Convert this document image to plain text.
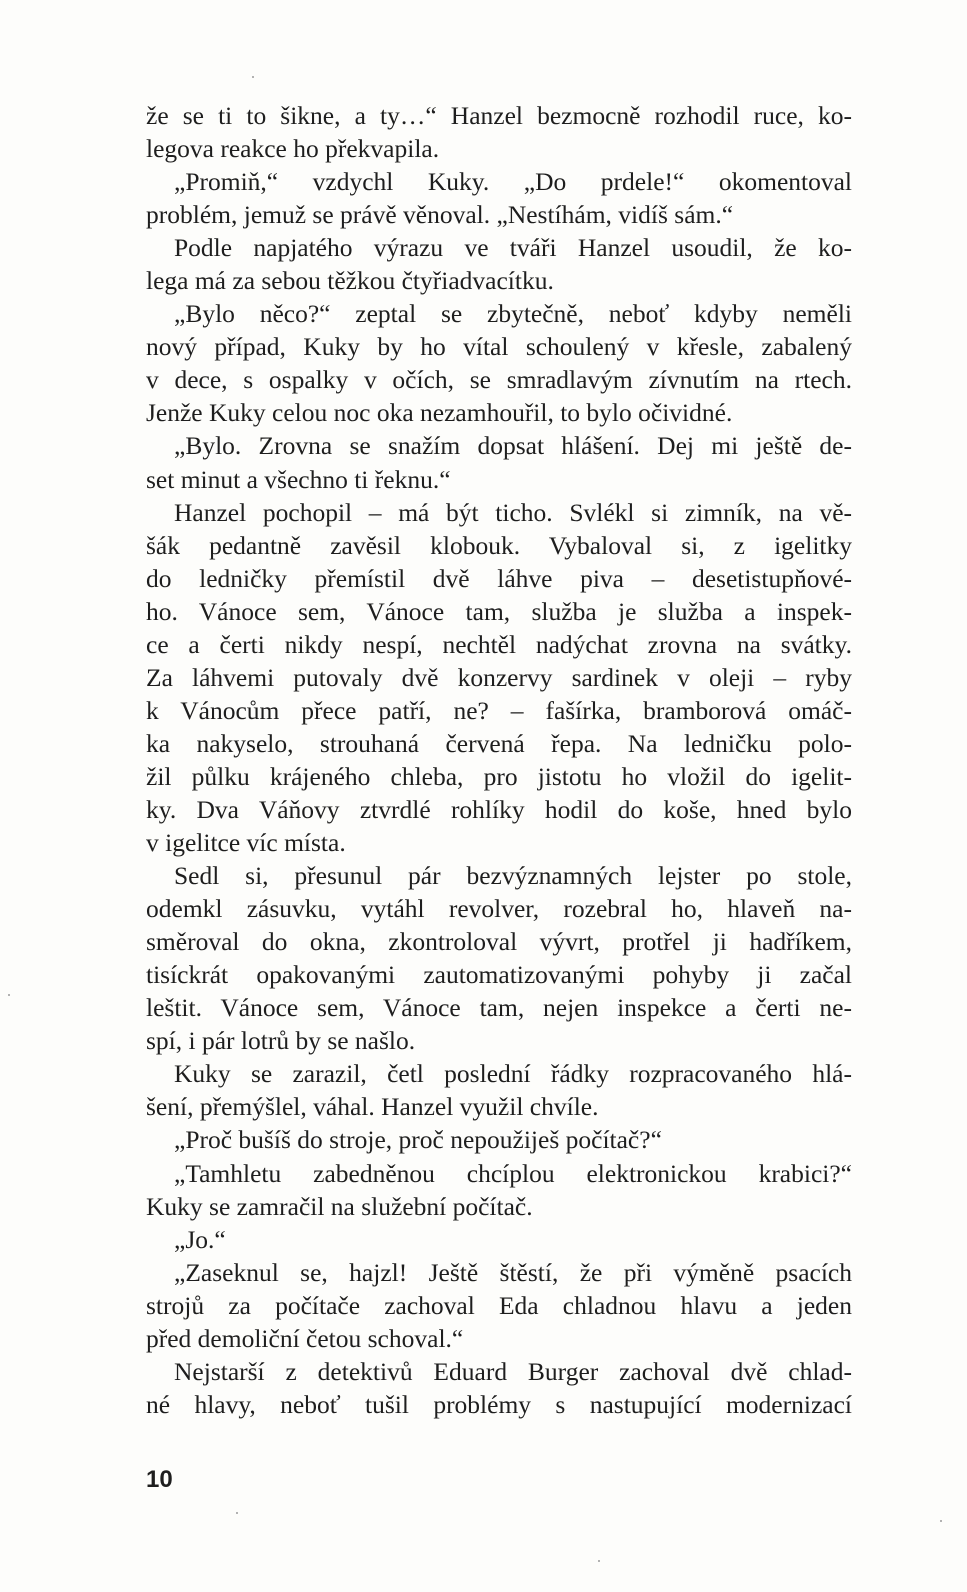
že se ti to šikne, a ty…“ Hanzel bezmocně rozhodil ruce, ko-
legova reakce ho překvapila.
„Promiň,“ vzdychl Kuky. „Do prdele!“ okomentoval
problém, jemuž se právě věnoval. „Nestíhám, vidíš sám.“
Podle napjatého výrazu ve tváři Hanzel usoudil, že ko-
lega má za sebou těžkou čtyřiadvacítku.
„Bylo něco?“ zeptal se zbytečně, neboť kdyby neměli
nový případ, Kuky by ho vítal schoulený v křesle, zabalený
v dece, s ospalky v očích, se smradlavým zívnutím na rtech.
Jenže Kuky celou noc oka nezamhouřil, to bylo očividné.
„Bylo. Zrovna se snažím dopsat hlášení. Dej mi ještě de-
set minut a všechno ti řeknu.“
Hanzel pochopil – má být ticho. Svlékl si zimník, na vě-
šák pedantně zavěsil klobouk. Vybaloval si, z igelitky
do ledničky přemístil dvě láhve piva – desetistupňové-
ho. Vánoce sem, Vánoce tam, služba je služba a inspek-
ce a čerti nikdy nespí, nechtěl nadýchat zrovna na svátky.
Za láhvemi putovaly dvě konzervy sardinek v oleji – ryby
k Vánocům přece patří, ne? – fašírka, bramborová omáč-
ka nakyselo, strouhaná červená řepa. Na ledničku polo-
žil půlku krájeného chleba, pro jistotu ho vložil do igelit-
ky. Dva Váňovy ztvrdlé rohlíky hodil do koše, hned bylo
v igelitce víc místa.
Sedl si, přesunul pár bezvýznamných lejster po stole,
odemkl zásuvku, vytáhl revolver, rozebral ho, hlaveň na-
směroval do okna, zkontroloval vývrt, protřel ji hadříkem,
tisíckrát opakovanými zautomatizovanými pohyby ji začal
leštit. Vánoce sem, Vánoce tam, nejen inspekce a čerti ne-
spí, i pár lotrů by se našlo.
Kuky se zarazil, četl poslední řádky rozpracovaného hlá-
šení, přemýšlel, váhal. Hanzel využil chvíle.
„Proč bušíš do stroje, proč nepoužiješ počítač?“
„Tamhletu zabedněnou chcíplou elektronickou krabici?“
Kuky se zamračil na služební počítač.
„Jo.“
„Zaseknul se, hajzl! Ještě štěstí, že při výměně psacích
strojů za počítače zachoval Eda chladnou hlavu a jeden
před demoliční četou schoval.“
Nejstarší z detektivů Eduard Burger zachoval dvě chlad-
né hlavy, neboť tušil problémy s nastupující modernizací
10
